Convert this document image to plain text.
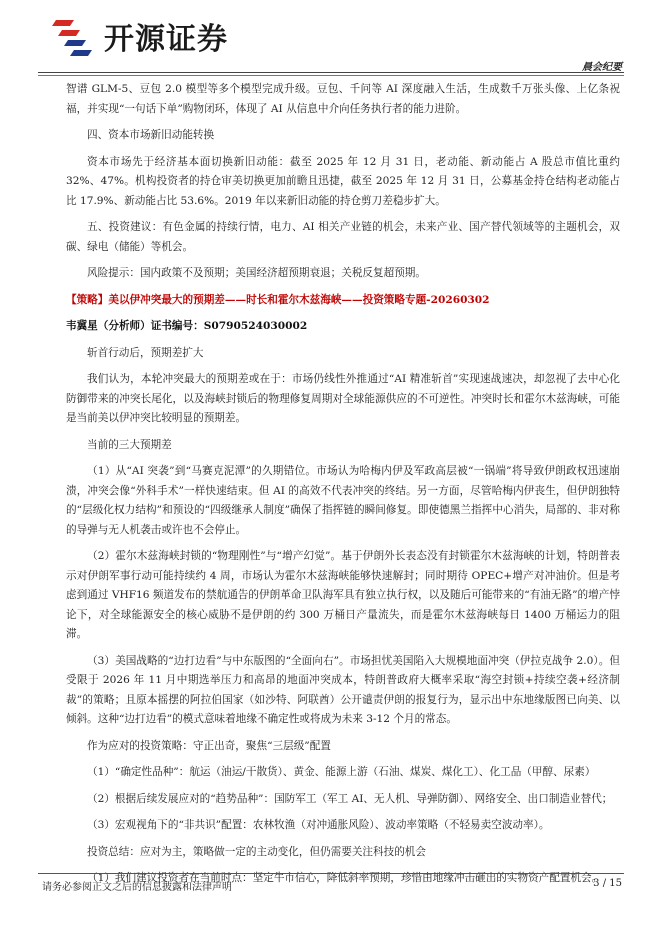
开源证券
晨会纪要

智谱 GLM-5、豆包 2.0 模型等多个模型完成升级。豆包、千问等 AI 深度融入生活，生成数千万张头像、上亿条祝福，并实现“一句话下单”购物闭环，体现了 AI 从信息中介向任务执行者的能力进阶。

四、资本市场新旧动能转换

资本市场先于经济基本面切换新旧动能：截至 2025 年 12 月 31 日，老动能、新动能占 A 股总市值比重约 32%、47%。机构投资者的持仓审美切换更加前瞻且迅捷，截至 2025 年 12 月 31 日，公募基金持仓结构老动能占比 17.9%、新动能占比 53.6%。2019 年以来新旧动能的持仓剪刀差稳步扩大。

五、投资建议：有色金属的持续行情，电力、AI 相关产业链的机会，未来产业、国产替代领域等的主题机会，双碳、绿电（储能）等机会。

风险提示：国内政策不及预期；美国经济超预期衰退；关税反复超预期。

【策略】美以伊冲突最大的预期差——时长和霍尔木兹海峡——投资策略专题-20260302

韦冀星（分析师）证书编号：S0790524030002

斩首行动后，预期差扩大

我们认为，本轮冲突最大的预期差或在于：市场仍线性外推通过“AI 精准斩首”实现速战速决，却忽视了去中心化防御带来的冲突长尾化，以及海峡封锁后的物理修复周期对全球能源供应的不可逆性。冲突时长和霍尔木兹海峡，可能是当前美以伊冲突比较明显的预期差。

当前的三大预期差

（1）从“AI 突袭”到“马赛克泥潭”的久期错位。市场认为哈梅内伊及军政高层被“一锅端”将导致伊朗政权迅速崩溃，冲突会像“外科手术”一样快速结束。但 AI 的高效不代表冲突的终结。另一方面，尽管哈梅内伊丧生，但伊朗独特的“层级化权力结构”和预设的“四级继承人制度”确保了指挥链的瞬间修复。即使德黑兰指挥中心消失，局部的、非对称的导弹与无人机袭击或许也不会停止。

（2）霍尔木兹海峡封锁的“物理刚性”与“增产幻觉”。基于伊朗外长表态没有封锁霍尔木兹海峡的计划，特朗普表示对伊朗军事行动可能持续约 4 周，市场认为霍尔木兹海峡能够快速解封；同时期待 OPEC+增产对冲油价。但是考虑到通过 VHF16 频道发布的禁航通告的伊朗革命卫队海军具有独立执行权，以及随后可能带来的“有油无路”的增产悖论下，对全球能源安全的核心威胁不是伊朗的约 300 万桶日产量流失，而是霍尔木兹海峡每日 1400 万桶运力的阻滞。

（3）美国战略的“边打边看”与中东版图的“全面向右”。市场担忧美国陷入大规模地面冲突（伊拉克战争 2.0）。但受限于 2026 年 11 月中期选举压力和高昂的地面冲突成本，特朗普政府大概率采取“海空封锁+持续空袭+经济制裁”的策略；且原本摇摆的阿拉伯国家（如沙特、阿联酋）公开谴责伊朗的报复行为，显示出中东地缘版图已向美、以倾斜。这种“边打边看”的模式意味着地缘不确定性或将成为未来 3-12 个月的常态。

作为应对的投资策略：守正出奇，聚焦“三层级”配置

（1）“确定性品种”：航运（油运/干散货）、黄金、能源上游（石油、煤炭、煤化工）、化工品（甲醇、尿素）

（2）根据后续发展应对的“趋势品种”：国防军工（军工 AI、无人机、导弹防御）、网络安全、出口制造业替代；

（3）宏观视角下的“非共识”配置：农林牧渔（对冲通胀风险）、波动率策略（不轻易卖空波动率）。

投资总结：应对为主，策略做一定的主动变化，但仍需要关注科技的机会

（1）我们建议投资者在当前时点：坚定牛市信心，降低斜率预期，珍惜由地缘冲击砸出的实物资产配置机会。

请务必参阅正文之后的信息披露和法律声明	3 / 15
